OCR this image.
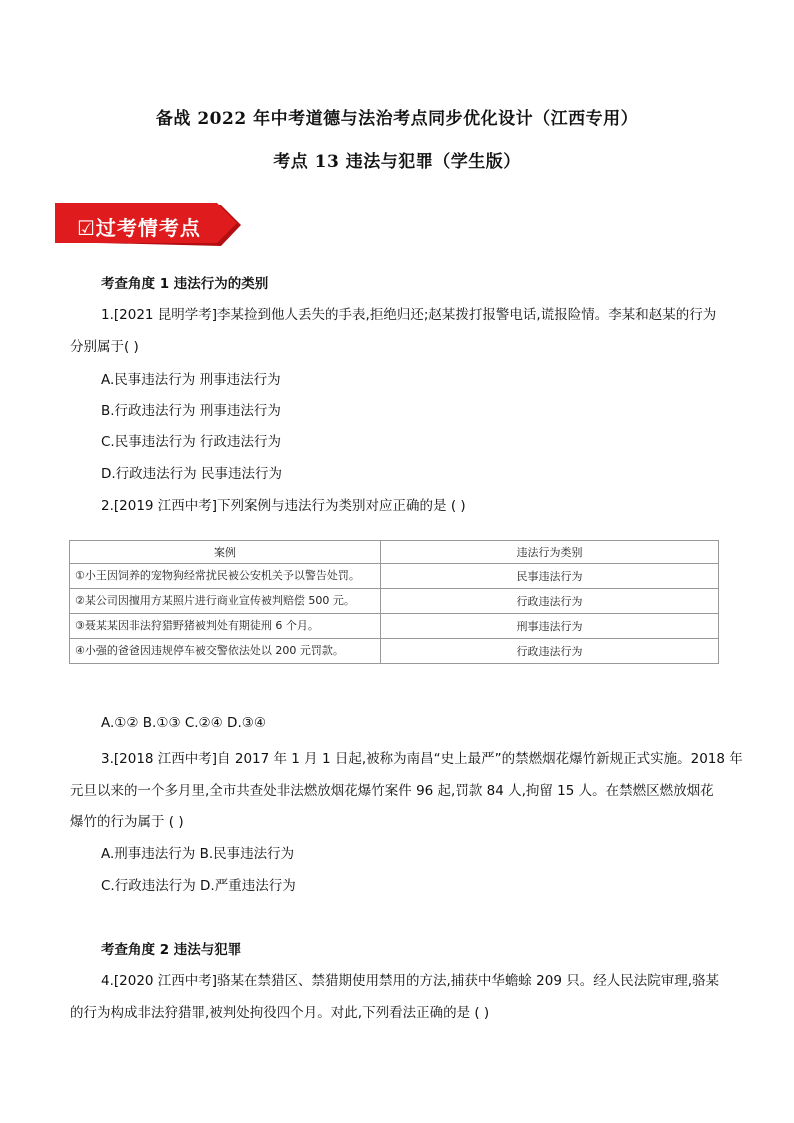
备战 2022 年中考道德与法治考点同步优化设计（江西专用）
考点 13 违法与犯罪（学生版）
☑过考情考点
考查角度 1 违法行为的类别
1.[2021 昆明学考]李某捡到他人丢失的手表,拒绝归还;赵某拨打报警电话,谎报险情。李某和赵某的行为
分别属于( )
A.民事违法行为 刑事违法行为
B.行政违法行为 刑事违法行为
C.民事违法行为 行政违法行为
D.行政违法行为 民事违法行为
2.[2019 江西中考]下列案例与违法行为类别对应正确的是 ( )
案例	违法行为类别
①小王因饲养的宠物狗经常扰民被公安机关予以警告处罚。	民事违法行为
②某公司因擅用方某照片进行商业宣传被判赔偿 500 元。	行政违法行为
③聂某某因非法狩猎野猪被判处有期徒刑 6 个月。	刑事违法行为
④小强的爸爸因违规停车被交警依法处以 200 元罚款。	行政违法行为
A.①② B.①③ C.②④ D.③④
3.[2018 江西中考]自 2017 年 1 月 1 日起,被称为南昌“史上最严”的禁燃烟花爆竹新规正式实施。2018 年
元旦以来的一个多月里,全市共查处非法燃放烟花爆竹案件 96 起,罚款 84 人,拘留 15 人。在禁燃区燃放烟花
爆竹的行为属于 ( )
A.刑事违法行为 B.民事违法行为
C.行政违法行为 D.严重违法行为
考查角度 2 违法与犯罪
4.[2020 江西中考]骆某在禁猎区、禁猎期使用禁用的方法,捕获中华蟾蜍 209 只。经人民法院审理,骆某
的行为构成非法狩猎罪,被判处拘役四个月。对此,下列看法正确的是 ( )
